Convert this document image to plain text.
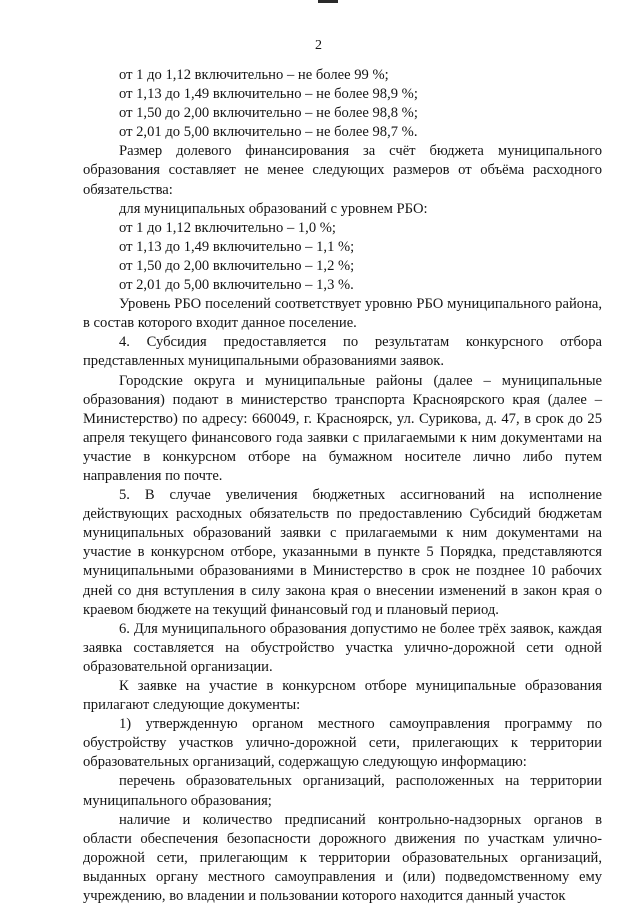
2

от 1 до 1,12 включительно – не более 99 %;

от 1,13 до 1,49 включительно – не более 98,9 %;

от 1,50 до 2,00 включительно – не более 98,8 %;

от 2,01 до 5,00 включительно – не более 98,7 %.

Размер долевого финансирования за счёт бюджета муниципального образования составляет не менее следующих размеров от объёма расходного обязательства:

для муниципальных образований с уровнем РБО:

от 1 до 1,12 включительно – 1,0 %;

от 1,13 до 1,49 включительно – 1,1 %;

от 1,50 до 2,00 включительно – 1,2 %;

от 2,01 до 5,00 включительно – 1,3 %.

Уровень РБО поселений соответствует уровню РБО муниципального района, в состав которого входит данное поселение.

4. Субсидия предоставляется по результатам конкурсного отбора представленных муниципальными образованиями заявок.

Городские округа и муниципальные районы (далее – муниципальные образования) подают в министерство транспорта Красноярского края (далее – Министерство) по адресу: 660049, г. Красноярск, ул. Сурикова, д. 47, в срок до 25 апреля текущего финансового года заявки с прилагаемыми к ним документами на участие в конкурсном отборе на бумажном носителе лично либо путем направления по почте.

5. В случае увеличения бюджетных ассигнований на исполнение действующих расходных обязательств по предоставлению Субсидий бюджетам муниципальных образований заявки с прилагаемыми к ним документами на участие в конкурсном отборе, указанными в пункте 5 Порядка, представляются муниципальными образованиями в Министерство в срок не позднее 10 рабочих дней со дня вступления в силу закона края о внесении изменений в закон края о краевом бюджете на текущий финансовый год и плановый период.

6. Для муниципального образования допустимо не более трёх заявок, каждая заявка составляется на обустройство участка улично-дорожной сети одной образовательной организации.

К заявке на участие в конкурсном отборе муниципальные образования прилагают следующие документы:

1) утвержденную органом местного самоуправления программу по обустройству участков улично-дорожной сети, прилегающих к территории образовательных организаций, содержащую следующую информацию:

перечень образовательных организаций, расположенных на территории муниципального образования;

наличие и количество предписаний контрольно-надзорных органов в области обеспечения безопасности дорожного движения по участкам улично-дорожной сети, прилегающим к территории образовательных организаций, выданных органу местного самоуправления и (или) подведомственному ему учреждению, во владении и пользовании которого находится данный участок
